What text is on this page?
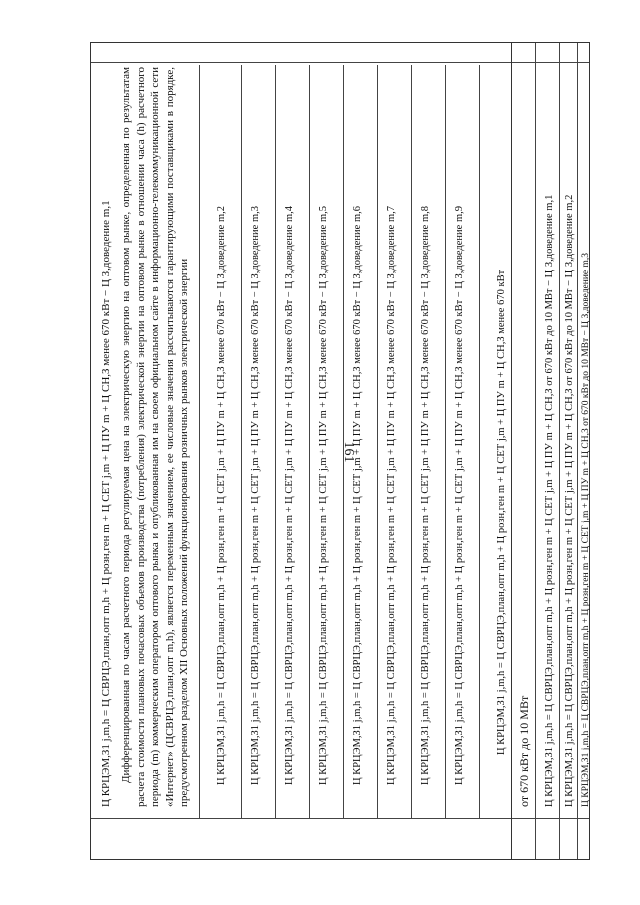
161
Ц КРЦЭМ,З1 j,m,h = Ц СВРЦЭ,план,опт m,h + Ц розн,ген m + Ц СЕТ j,m + Ц ПУ m + Ц СН,З менее 670 кВт − Ц З,доведение m,1 Дифференцированная по часам расчетного периода регулируемая цена на электрическую энергию на оптовом рынке, определенная по результатам расчета стоимости плановых почасовых объемов производства (потребления) электрической энергии на оптовом рынке в отношении часа (h) расчетного периода (m) коммерческим оператором оптового рынка и опубликованная им на своем официальном сайте в информационно-телекоммуникационной сети «Интернет» (ЦСВРЦЭ,план,опт m,h), является переменным значением, ее числовые значения рассчитываются гарантирующими поставщиками в порядке, предусмотренном разделом XII Основных положений функционирования розничных рынков электрической энергии Ц КРЦЭМ,З1 j,m,h = Ц СВРЦЭ,план,опт m,h + Ц розн,ген m + Ц СЕТ j,m + Ц ПУ m + Ц СН,З менее 670 кВт − Ц З,доведение m,2 Ц КРЦЭМ,З1 j,m,h = Ц СВРЦЭ,план,опт m,h + Ц розн,ген m + Ц СЕТ j,m + Ц ПУ m + Ц СН,З менее 670 кВт − Ц З,доведение m,3 Ц КРЦЭМ,З1 j,m,h = Ц СВРЦЭ,план,опт m,h + Ц розн,ген m + Ц СЕТ j,m + Ц ПУ m + Ц СН,З менее 670 кВт − Ц З,доведение m,4 Ц КРЦЭМ,З1 j,m,h = Ц СВРЦЭ,план,опт m,h + Ц розн,ген m + Ц СЕТ j,m + Ц ПУ m + Ц СН,З менее 670 кВт − Ц З,доведение m,5 Ц КРЦЭМ,З1 j,m,h = Ц СВРЦЭ,план,опт m,h + Ц розн,ген m + Ц СЕТ j,m + Ц ПУ m + Ц СН,З менее 670 кВт − Ц З,доведение m,6 Ц КРЦЭМ,З1 j,m,h = Ц СВРЦЭ,план,опт m,h + Ц розн,ген m + Ц СЕТ j,m + Ц ПУ m + Ц СН,З менее 670 кВт − Ц З,доведение m,7 Ц КРЦЭМ,З1 j,m,h = Ц СВРЦЭ,план,опт m,h + Ц розн,ген m + Ц СЕТ j,m + Ц ПУ m + Ц СН,З менее 670 кВт − Ц З,доведение m,8 Ц КРЦЭМ,З1 j,m,h = Ц СВРЦЭ,план,опт m,h + Ц розн,ген m + Ц СЕТ j,m + Ц ПУ m + Ц СН,З менее 670 кВт − Ц З,доведение m,9	Ц КРЦЭМ,З1 j,m,h = Ц СВРЦЭ,план,опт m,h + Ц розн,ген m + Ц СЕТ j,m + Ц ПУ m + Ц СН,З менее 670 кВт от 670 кВт до 10 МВт Ц КРЦЭМ,З1 j,m,h = Ц СВРЦЭ,план,опт m,h + Ц розн,ген m + Ц СЕТ j,m + Ц ПУ m + Ц СН,З от 670 кВт до 10 МВт − Ц З,доведение m,1 Ц КРЦЭМ,З1 j,m,h = Ц СВРЦЭ,план,опт m,h + Ц розн,ген m + Ц СЕТ j,m + Ц ПУ m + Ц СН,З от 670 кВт до 10 МВт − Ц З,доведение m,2 Ц КРЦЭМ,З1 j,m,h = Ц СВРЦЭ,план,опт m,h + Ц розн,ген m + Ц СЕТ j,m + Ц ПУ m + Ц СН,З от 670 кВт до 10 МВт − Ц З,доведение m,3
